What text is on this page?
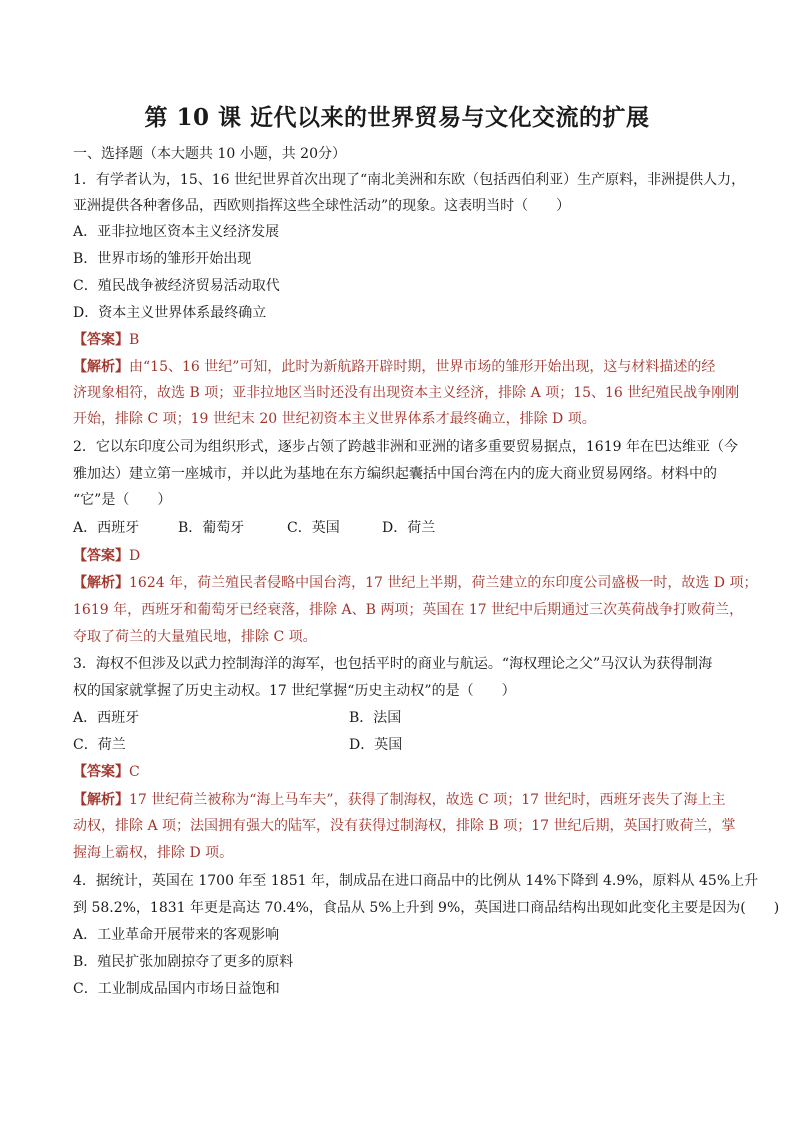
第 10 课 近代以来的世界贸易与文化交流的扩展
一、选择题（本大题共 10 小题，共 20分）
1．有学者认为，15、16 世纪世界首次出现了“南北美洲和东欧（包括西伯利亚）生产原料，非洲提供人力，
亚洲提供各种奢侈品，西欧则指挥这些全球性活动”的现象。这表明当时（　　）
A．亚非拉地区资本主义经济发展
B．世界市场的雏形开始出现
C．殖民战争被经济贸易活动取代
D．资本主义世界体系最终确立
【答案】B
【解析】由“15、16 世纪”可知，此时为新航路开辟时期，世界市场的雏形开始出现，这与材料描述的经
济现象相符，故选 B 项；亚非拉地区当时还没有出现资本主义经济，排除 A 项；15、16 世纪殖民战争刚刚
开始，排除 C 项；19 世纪末 20 世纪初资本主义世界体系才最终确立，排除 D 项。
2．它以东印度公司为组织形式，逐步占领了跨越非洲和亚洲的诸多重要贸易据点，1619 年在巴达维亚（今
雅加达）建立第一座城市，并以此为基地在东方编织起囊括中国台湾在内的庞大商业贸易网络。材料中的
“它”是（　　）
A．西班牙	B．葡萄牙	C．英国	D．荷兰
【答案】D
【解析】1624 年，荷兰殖民者侵略中国台湾，17 世纪上半期，荷兰建立的东印度公司盛极一时，故选 D 项；
1619 年，西班牙和葡萄牙已经衰落，排除 A、B 两项；英国在 17 世纪中后期通过三次英荷战争打败荷兰，
夺取了荷兰的大量殖民地，排除 C 项。
3．海权不但涉及以武力控制海洋的海军，也包括平时的商业与航运。“海权理论之父”马汉认为获得制海
权的国家就掌握了历史主动权。17 世纪掌握“历史主动权”的是（　　）
A．西班牙	B．法国
C．荷兰	D．英国
【答案】C
【解析】17 世纪荷兰被称为“海上马车夫”，获得了制海权，故选 C 项；17 世纪时，西班牙丧失了海上主
动权，排除 A 项；法国拥有强大的陆军，没有获得过制海权，排除 B 项；17 世纪后期，英国打败荷兰，掌
握海上霸权，排除 D 项。
4．据统计，英国在 1700 年至 1851 年，制成品在进口商品中的比例从 14%下降到 4.9%，原料从 45%上升
到 58.2%，1831 年更是高达 70.4%，食品从 5%上升到 9%，英国进口商品结构出现如此变化主要是因为(　　)
A．工业革命开展带来的客观影响
B．殖民扩张加剧掠夺了更多的原料
C．工业制成品国内市场日益饱和
